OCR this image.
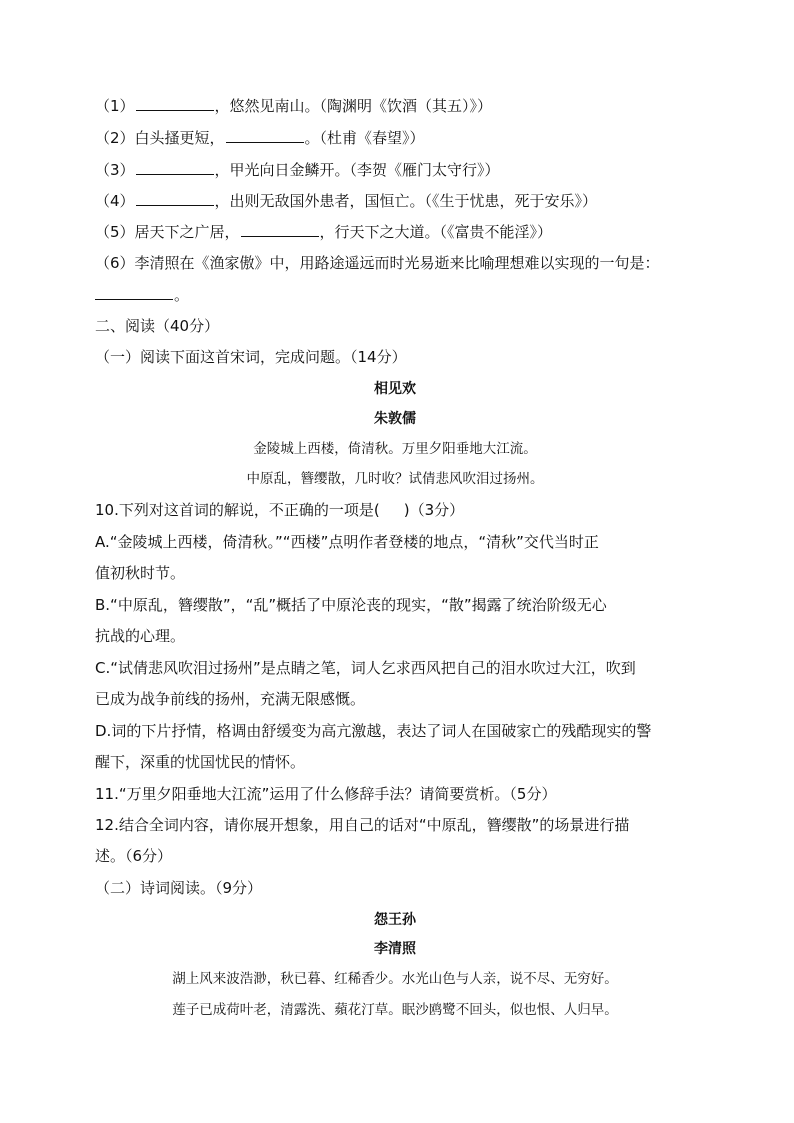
（1）	，悠然见南山。（陶渊明《饮酒（其五）》）
（2）白头搔更短，	。（杜甫《春望》）
（3）	，甲光向日金鳞开。（李贺《雁门太守行》）
（4）	，出则无敌国外患者，国恒亡。（《生于忧患，死于安乐》）
（5）居天下之广居，	，行天下之大道。（《富贵不能淫》）
（6）李清照在《渔家傲》中，用路途遥远而时光易逝来比喻理想难以实现的一句是：
。
二、阅读（40分）
（一）阅读下面这首宋词，完成问题。（14分）
相见欢
朱敦儒
金陵城上西楼，倚清秋。万里夕阳垂地大江流。
中原乱，簪缨散，几时收？试倩悲风吹泪过扬州。
10.下列对这首词的解说，不正确的一项是( )（3分）
A.“金陵城上西楼，倚清秋。”“西楼”点明作者登楼的地点，“清秋”交代当时正
值初秋时节。
B.“中原乱，簪缨散”，“乱”概括了中原沦丧的现实，“散”揭露了统治阶级无心
抗战的心理。
C.“试倩悲风吹泪过扬州”是点睛之笔，词人乞求西风把自己的泪水吹过大江，吹到
已成为战争前线的扬州，充满无限感慨。
D.词的下片抒情，格调由舒缓变为高亢激越，表达了词人在国破家亡的残酷现实的警
醒下，深重的忧国忧民的情怀。
11.“万里夕阳垂地大江流”运用了什么修辞手法？请简要赏析。（5分）
12.结合全词内容，请你展开想象，用自己的话对“中原乱，簪缨散”的场景进行描
述。（6分）
（二）诗词阅读。（9分）
怨王孙
李清照
湖上风来波浩渺，秋已暮、红稀香少。水光山色与人亲，说不尽、无穷好。
莲子已成荷叶老，清露洗、蘋花汀草。眠沙鸥鹭不回头，似也恨、人归早。
